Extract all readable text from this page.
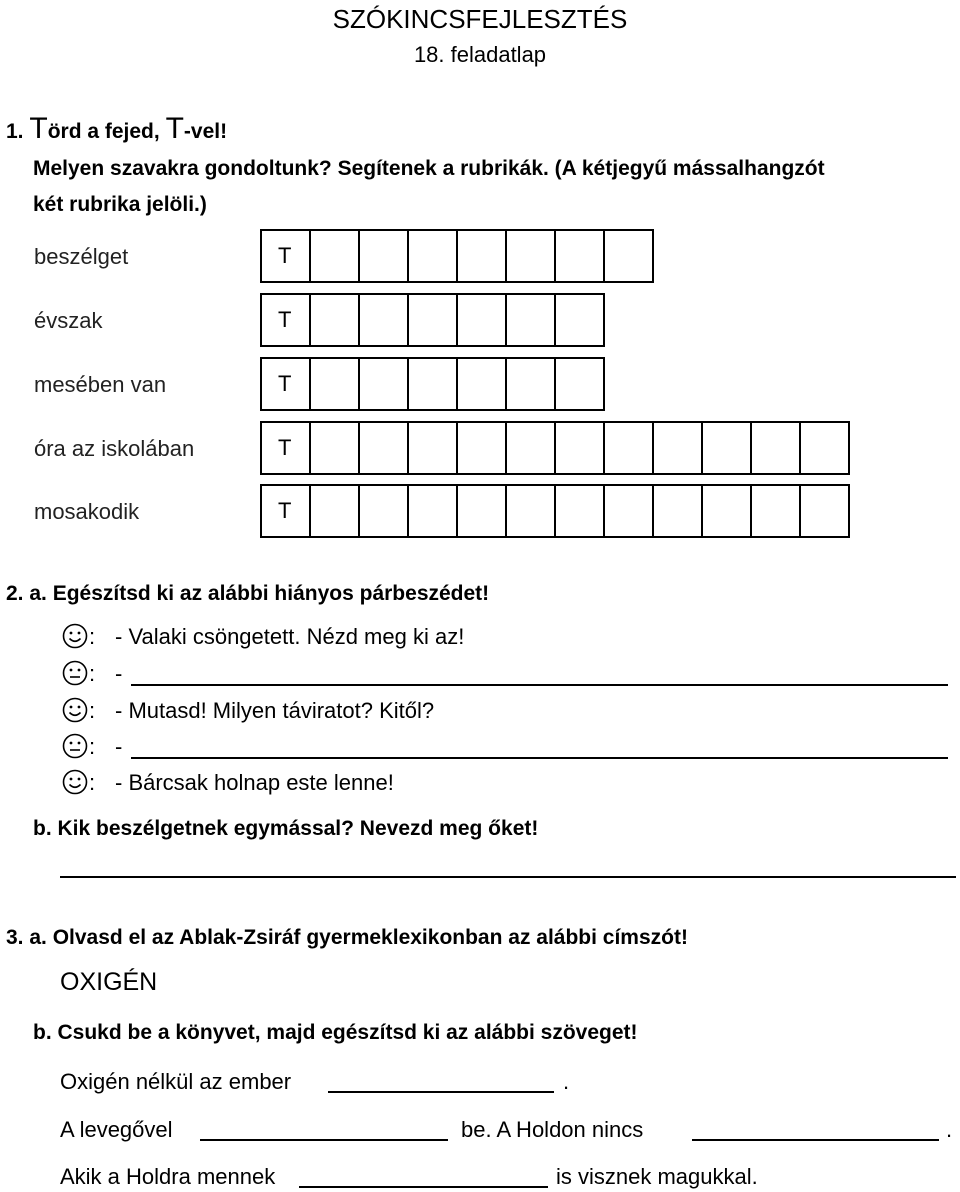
SZÓKINCSFEJLESZTÉS
18. feladatlap
1. Törd a fejed, T-vel!
Melyen szavakra gondoltunk? Segítenek a rubrikák. (A kétjegyű mássalhangzót
két rubrika jelöli.)
beszélget	T
évszak	T
mesében van	T
óra az iskolában	T
mosakodik	T
2. a. Egészítsd ki az alábbi hiányos párbeszédet!
: - Valaki csöngetett. Nézd meg ki az!
: -
: - Mutasd! Milyen táviratot? Kitől?
: -
: - Bárcsak holnap este lenne!
b. Kik beszélgetnek egymással? Nevezd meg őket!
3. a. Olvasd el az Ablak-Zsiráf gyermeklexikonban az alábbi címszót!
OXIGÉN
b. Csukd be a könyvet, majd egészítsd ki az alábbi szöveget!
Oxigén nélkül az ember	.
A levegővel	be. A Holdon nincs	.
Akik a Holdra mennek	is visznek magukkal.
